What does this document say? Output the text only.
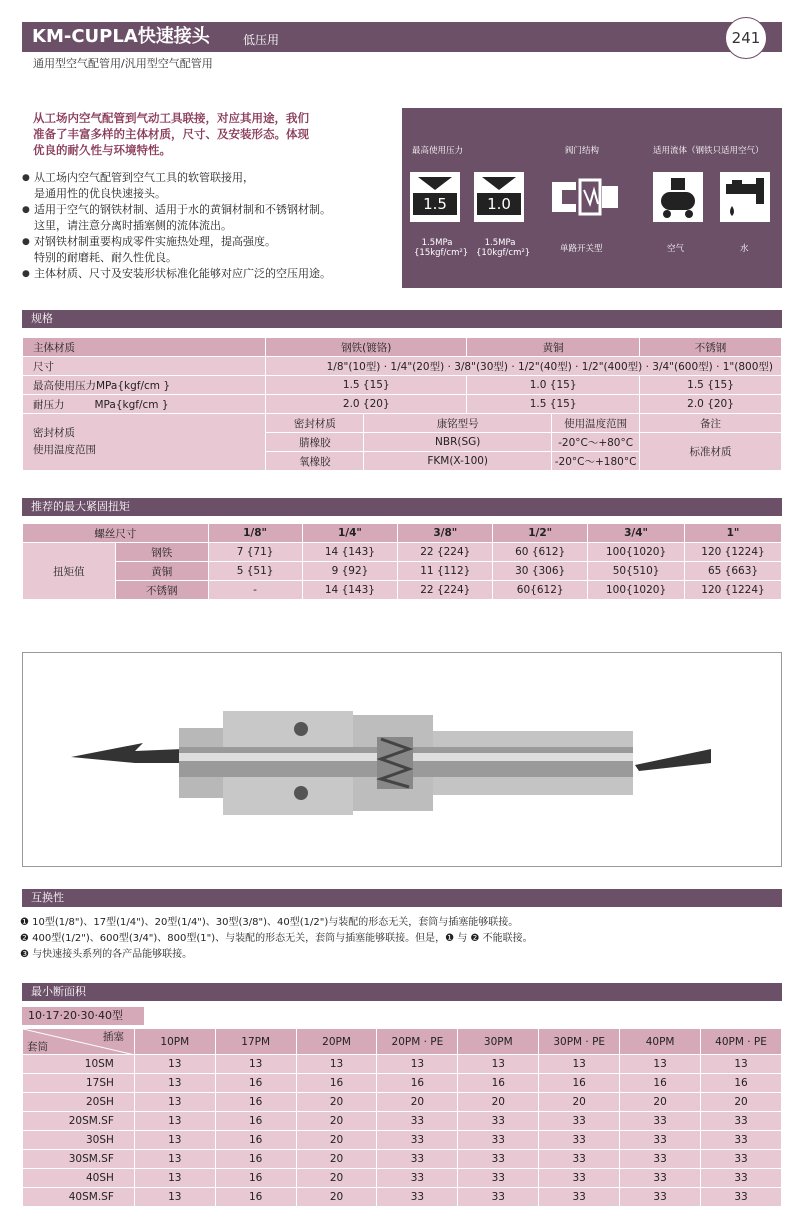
KM-CUPLA快速接头	低压用	241
通用型空气配管用/汎用型空气配管用
从工场内空气配管到气动工具联接，对应其用途，我们
准备了丰富多样的主体材质，尺寸、及安装形态。体现
优良的耐久性与环境特性。
● 从工场内空气配管到空气工具的软管联接用，
是通用性的优良快速接头。
● 适用于空气的钢铁材制、适用于水的黄铜材制和不锈钢材制。
这里，请注意分离时插塞侧的流体流出。
● 对钢铁材制重要构成零件实施热处理，提高强度。
特别的耐磨耗、耐久性优良。
● 主体材质、尺寸及安装形状标准化能够对应广泛的空压用途。
最高使用压力	阀门结构	适用流体（钢铁只适用空气）
1.5	1.0
1.5MPa
{15kgf/cm²}
1.5MPa
{10kgf/cm²}	单路开关型	空气	水
规格
主体材质	钢铁(镀铬)		黄铜		不锈钢
尺寸	1/8"(10型) · 1/4"(20型) · 3/8"(30型) · 1/2"(40型) · 1/2"(400型) · 3/4"(600型) · 1"(800型)				
最高使用压力MPa{kgf/cm }	1.5 {15}		1.0 {15}		1.5 {15}
耐压力 MPa{kgf/cm }	2.0 {20}		1.5 {15}		2.0 {20}

密封材质
使用温度范围	密封材质	康铭型号		使用温度范围	备注
	腈橡胶	NBR(SG)		-20°C～+80°C	标准材质
	氧橡胶	FKM(X-100)		-20°C～+180°C	
推荐的最大紧固扭矩
螺丝尺寸		1/8"	1/4"	3/8"	1/2"	3/4"	1"
扭矩值	钢铁	7 {71}	14 {143}	22 {224}	60 {612}	100{1020}	120 {1224}
	黄铜	5 {51}	9 {92}	11 {112}	30 {306}	50{510}	65 {663}
	不锈钢	-	14 {143}	22 {224}	60{612}	100{1020}	120 {1224}
互换性
❶ 10型(1/8")、17型(1/4")、20型(1/4")、30型(3/8")、40型(1/2")与装配的形态无关，套筒与插塞能够联接。
❷ 400型(1/2")、600型(3/4")、800型(1")、与装配的形态无关，套筒与插塞能够联接。但是，❶ 与 ❷ 不能联接。
❸ 与快速接头系列的各产品能够联接。
最小断面积
10·17·20·30·40型
插塞
套筒	10PM	17PM	20PM	20PM · PE	30PM	30PM · PE	40PM	40PM · PE
10SM	13	13	13	13	13	13	13	13
17SH	13	16	16	16	16	16	16	16
20SH	13	16	20	20	20	20	20	20
20SM.SF	13	16	20	33	33	33	33	33
30SH	13	16	20	33	33	33	33	33
30SM.SF	13	16	20	33	33	33	33	33
40SH	13	16	20	33	33	33	33	33
40SM.SF	13	16	20	33	33	33	33	33
